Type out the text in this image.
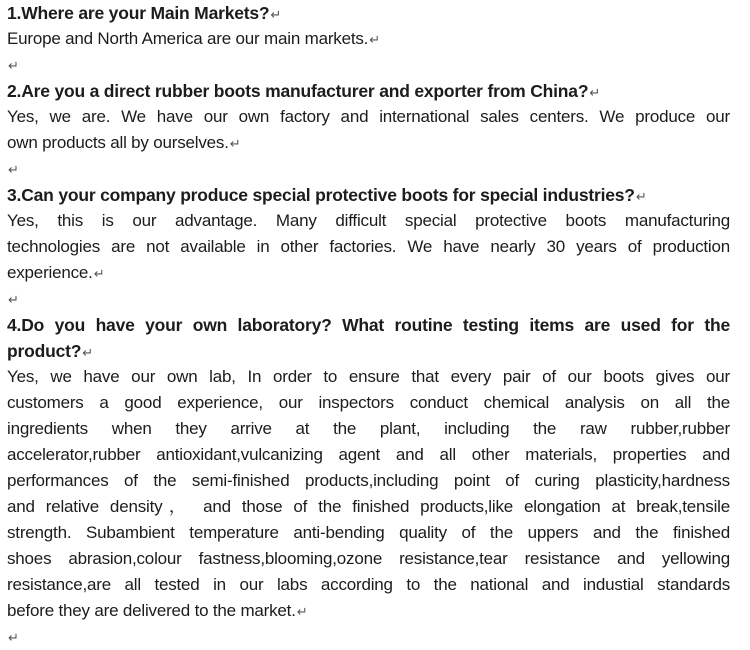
1.Where are your Main Markets?↵
Europe and North America are our main markets.↵
↵
2.Are you a direct rubber boots manufacturer and exporter from China?↵
Yes, we are. We have our own factory and international sales centers. We produce our
own products all by ourselves.↵
↵
3.Can your company produce special protective boots for special industries?↵
Yes, this is our advantage. Many difficult special protective boots manufacturing
technologies are not available in other factories. We have nearly 30 years of production
experience.↵
↵
4.Do you have your own laboratory? What routine testing items are used for the
product?↵
Yes, we have our own lab, In order to ensure that every pair of our boots gives our
customers a good experience, our inspectors conduct chemical analysis on all the
ingredients when they arrive at the plant, including the raw rubber,rubber
accelerator,rubber antioxidant,vulcanizing agent and all other materials, properties and
performances of the semi-finished products,including point of curing plasticity,hardness
and relative density， and those of the finished products,like elongation at break,tensile
strength. Subambient temperature anti-bending quality of the uppers and the finished
shoes abrasion,colour fastness,blooming,ozone resistance,tear resistance and yellowing
resistance,are all tested in our labs according to the national and industial standards
before they are delivered to the market.↵
↵
